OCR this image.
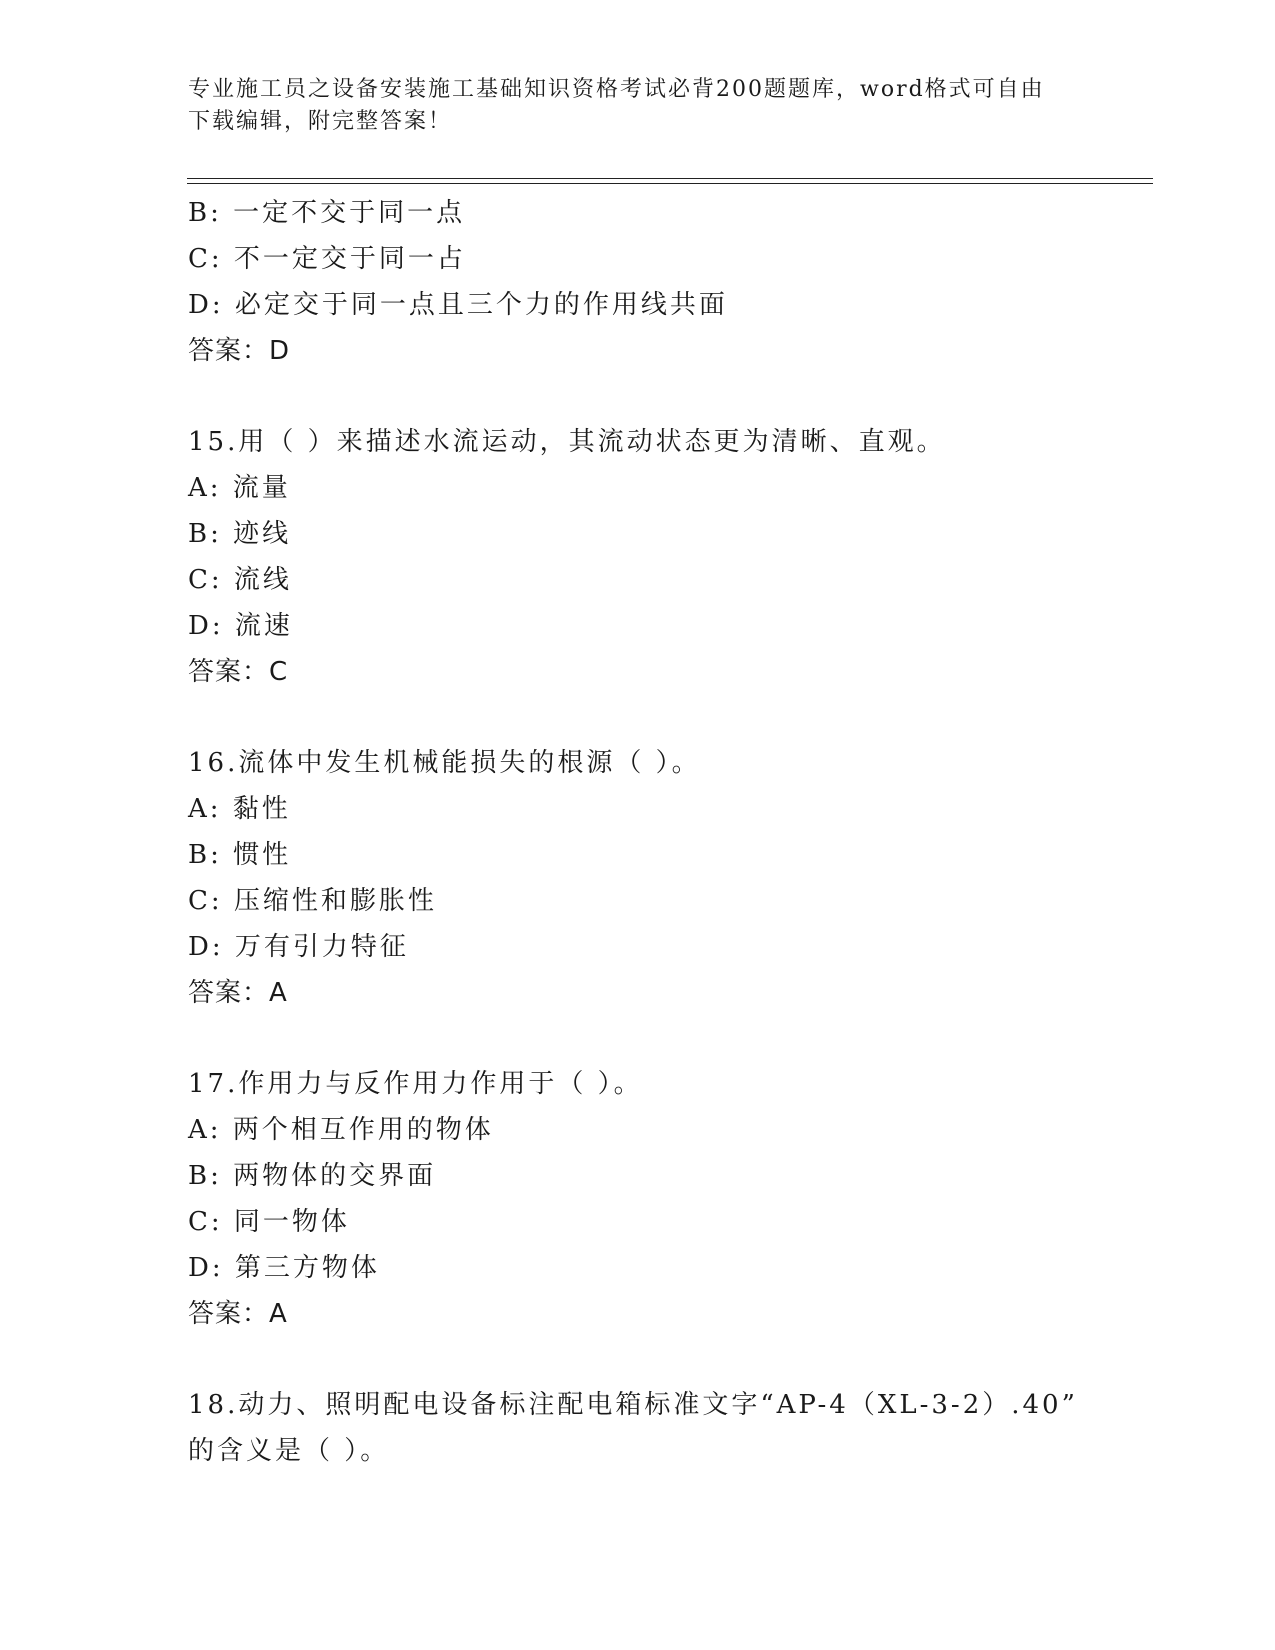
专业施工员之设备安装施工基础知识资格考试必背200题题库，word格式可自由
下载编辑，附完整答案！
B: 一定不交于同一点
C: 不一定交于同一占
D: 必定交于同一点且三个力的作用线共面
答案：D
15.用（ ）来描述水流运动，其流动状态更为清晰、直观。
A: 流量
B: 迹线
C: 流线
D: 流速
答案：C
16.流体中发生机械能损失的根源（ ）。
A: 黏性
B: 惯性
C: 压缩性和膨胀性
D: 万有引力特征
答案：A
17.作用力与反作用力作用于（ ）。
A: 两个相互作用的物体
B: 两物体的交界面
C: 同一物体
D: 第三方物体
答案：A
18.动力、照明配电设备标注配电箱标准文字“AP-4（XL-3-2）.40”
的含义是（ ）。
